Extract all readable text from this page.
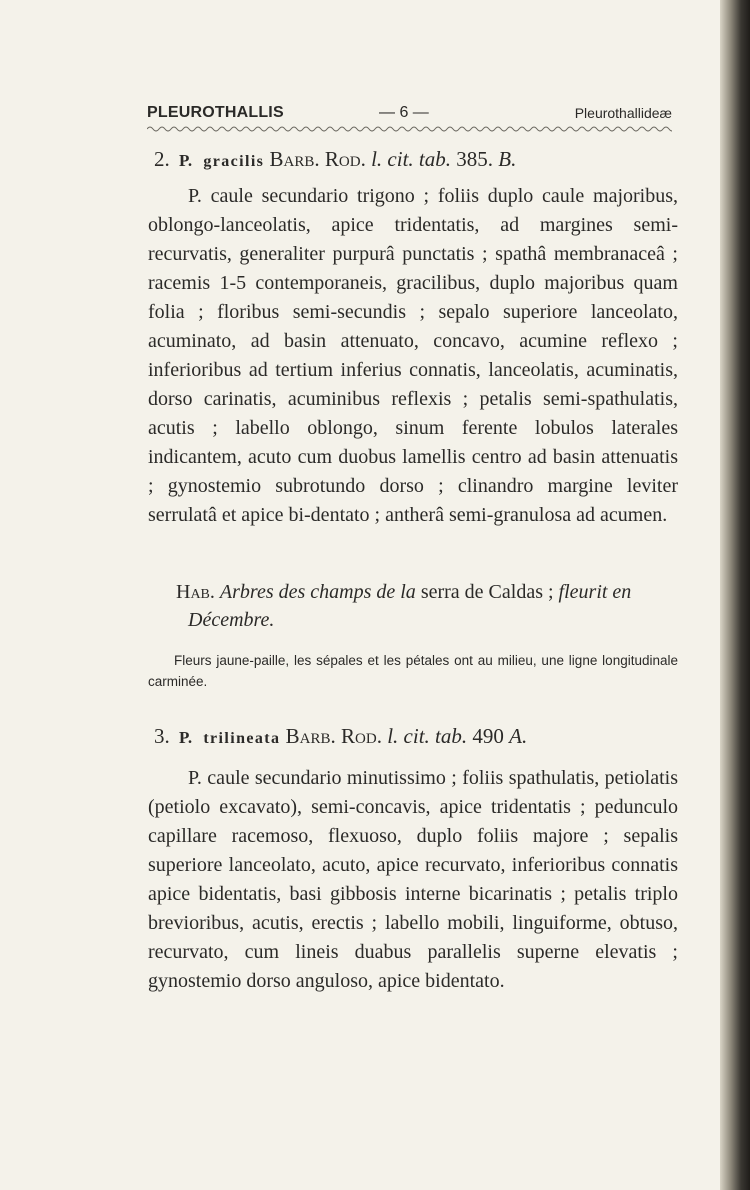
PLEUROTHALLIS	— 6 —	Pleurothallideæ
2. P. gracilis Barb. Rod. l. cit. tab. 385. B.
P. caule secundario trigono ; foliis duplo caule majoribus, oblongo-lanceolatis, apice tridentatis, ad margines semi-recurvatis, generaliter purpurâ punctatis ; spathâ membranaceâ ; racemis 1-5 contemporaneis, gracilibus, duplo majoribus quam folia ; floribus semi-secundis ; sepalo superiore lanceolato, acuminato, ad basin attenuato, concavo, acumine reflexo ; inferioribus ad tertium inferius connatis, lanceolatis, acuminatis, dorso carinatis, acuminibus reflexis ; petalis semi-spathulatis, acutis ; labello oblongo, sinum ferente lobulos laterales indicantem, acuto cum duobus lamellis centro ad basin attenuatis ; gynostemio subrotundo dorso ; clinandro margine leviter serrulatâ et apice bi-dentato ; antherâ semi-granulosa ad acumen.
Hab. Arbres des champs de la serra de Caldas ; fleurit en Décembre.
Fleurs jaune-paille, les sépales et les pétales ont au milieu, une ligne longitudinale carminée.
3. P. trilineata Barb. Rod. l. cit. tab. 490 A.
P. caule secundario minutissimo ; foliis spathulatis, petiolatis (petiolo excavato), semi-concavis, apice tridentatis ; pedunculo capillare racemoso, flexuoso, duplo foliis majore ; sepalis superiore lanceolato, acuto, apice recurvato, inferioribus connatis apice bidentatis, basi gibbosis interne bicarinatis ; petalis triplo brevioribus, acutis, erectis ; labello mobili, linguiforme, obtuso, recurvato, cum lineis duabus parallelis superne elevatis ; gynostemio dorso anguloso, apice bidentato.
